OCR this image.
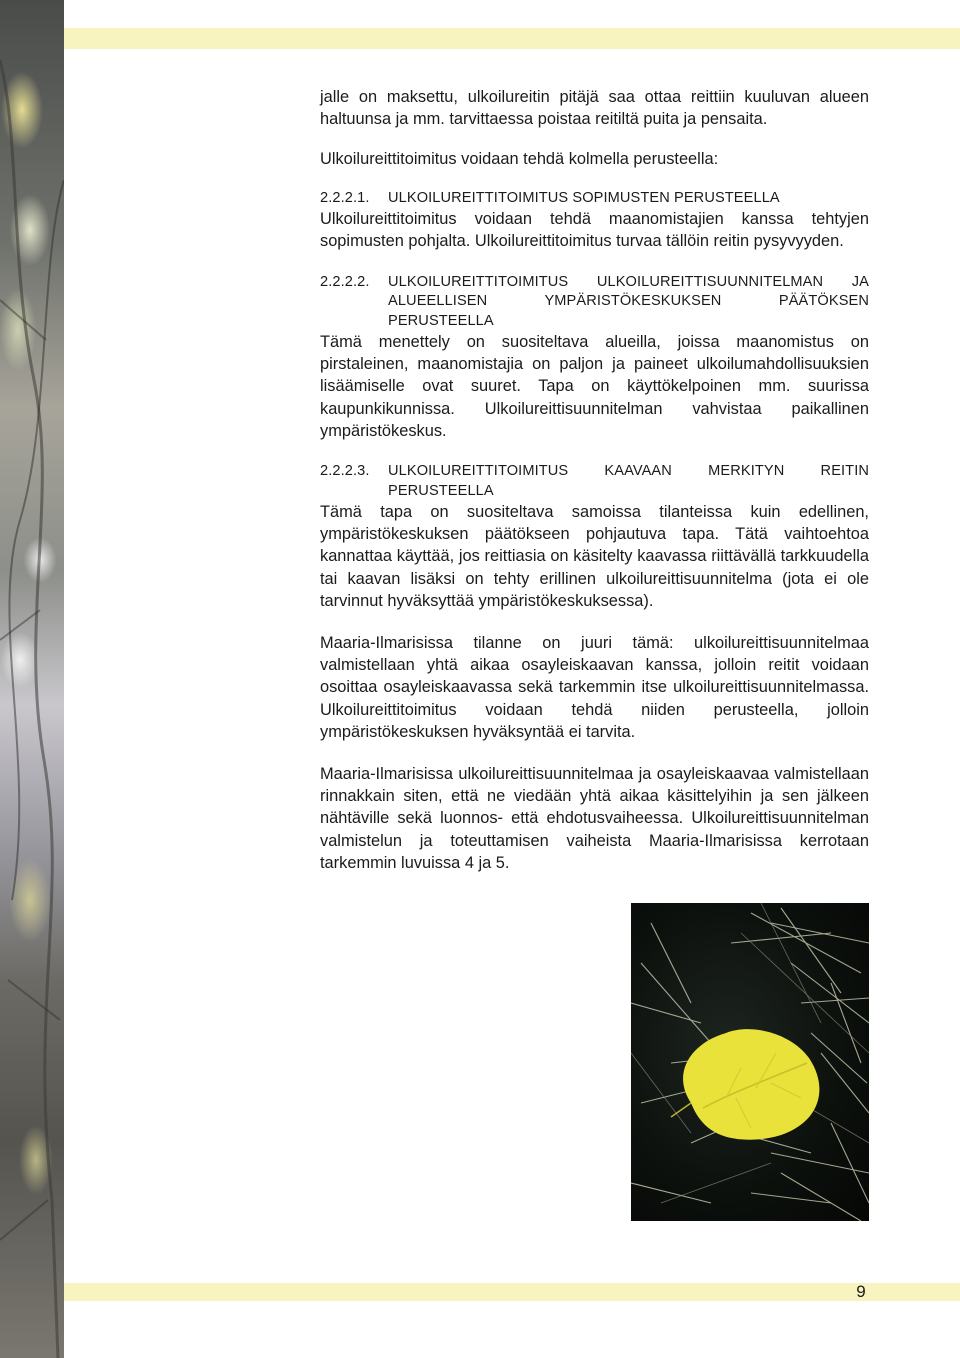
jalle on maksettu, ulkoilureitin pitäjä saa ottaa reittiin kuuluvan alueen haltuunsa ja mm. tarvittaessa poistaa reitiltä puita ja pensaita.

Ulkoilureittitoimitus voidaan tehdä kolmella perusteella:

2.2.2.1.	ULKOILUREITTITOIMITUS SOPIMUSTEN PERUSTEELLA

Ulkoilureittitoimitus voidaan tehdä maanomistajien kanssa tehtyjen sopimusten pohjalta. Ulkoilureittitoimitus turvaa tällöin reitin pysyvyyden.

2.2.2.2.	ULKOILUREITTITOIMITUS ULKOILUREITTISUUNNITELMAN JA ALUEELLISEN YMPÄRISTÖKESKUKSEN PÄÄTÖKSEN PERUSTEELLA

Tämä menettely on suositeltava alueilla, joissa maanomistus on pirstaleinen, maanomistajia on paljon ja paineet ulkoilumahdollisuuksien lisäämiselle ovat suuret. Tapa on käyttökelpoinen mm. suurissa kaupunkikunnissa. Ulkoilureittisuunnitelman vahvistaa paikallinen ympäristökeskus.

2.2.2.3.	ULKOILUREITTITOIMITUS KAAVAAN MERKITYN REITIN PERUSTEELLA

Tämä tapa on suositeltava samoissa tilanteissa kuin edellinen, ympäristökeskuksen päätökseen pohjautuva tapa. Tätä vaihtoehtoa kannattaa käyttää, jos reittiasia on käsitelty kaavassa riittävällä tarkkuudella tai kaavan lisäksi on tehty erillinen ulkoilureittisuunnitelma (jota ei ole tarvinnut hyväksyttää ympäristökeskuksessa).

Maaria-Ilmarisissa tilanne on juuri tämä: ulkoilureittisuunnitelmaa valmistellaan yhtä aikaa osayleiskaavan kanssa, jolloin reitit voidaan osoittaa osayleiskaavassa sekä tarkemmin itse ulkoilureittisuunnitelmassa. Ulkoilureittitoimitus voidaan tehdä niiden perusteella, jolloin ympäristökeskuksen hyväksyntää ei tarvita.

Maaria-Ilmarisissa ulkoilureittisuunnitelmaa ja osayleiskaavaa valmistellaan rinnakkain siten, että ne viedään yhtä aikaa käsittelyihin ja sen jälkeen nähtäville sekä luonnos- että ehdotusvaiheessa. Ulkoilureittisuunnitelman valmistelun ja toteuttamisen vaiheista Maaria-Ilmarisissa kerrotaan tarkemmin luvuissa 4 ja 5.

9
